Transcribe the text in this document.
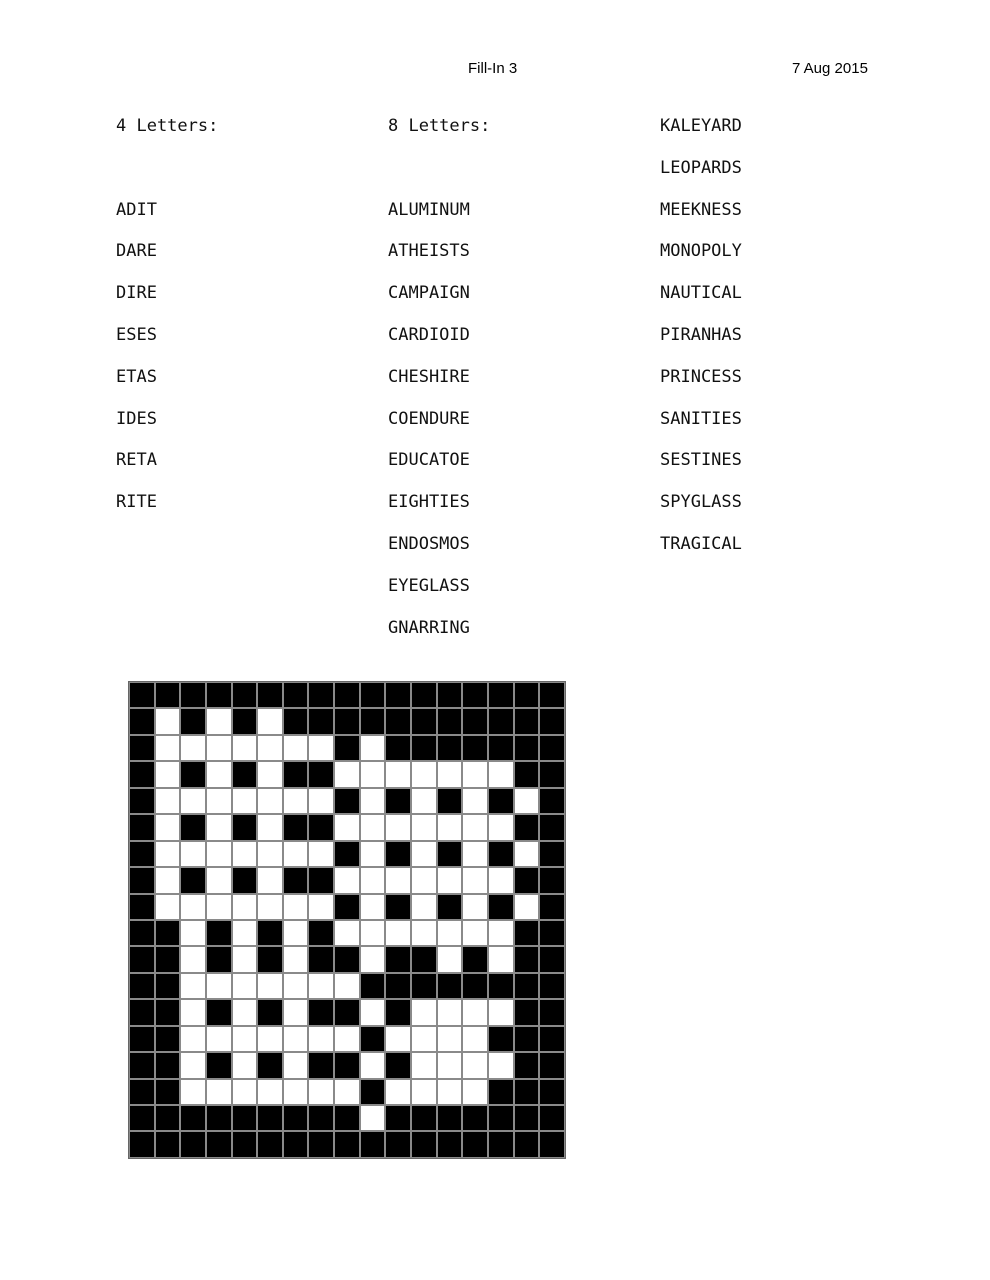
Fill-In 3	7 Aug 2015
4 Letters:
ADIT
DARE
DIRE
ESES
ETAS
IDES
RETA
RITE
8 Letters:
ALUMINUM
ATHEISTS
CAMPAIGN
CARDIOID
CHESHIRE
COENDURE
EDUCATOE
EIGHTIES
ENDOSMOS
EYEGLASS
GNARRING
KALEYARD
LEOPARDS
MEEKNESS
MONOPOLY
NAUTICAL
PIRANHAS
PRINCESS
SANITIES
SESTINES
SPYGLASS
TRAGICAL
